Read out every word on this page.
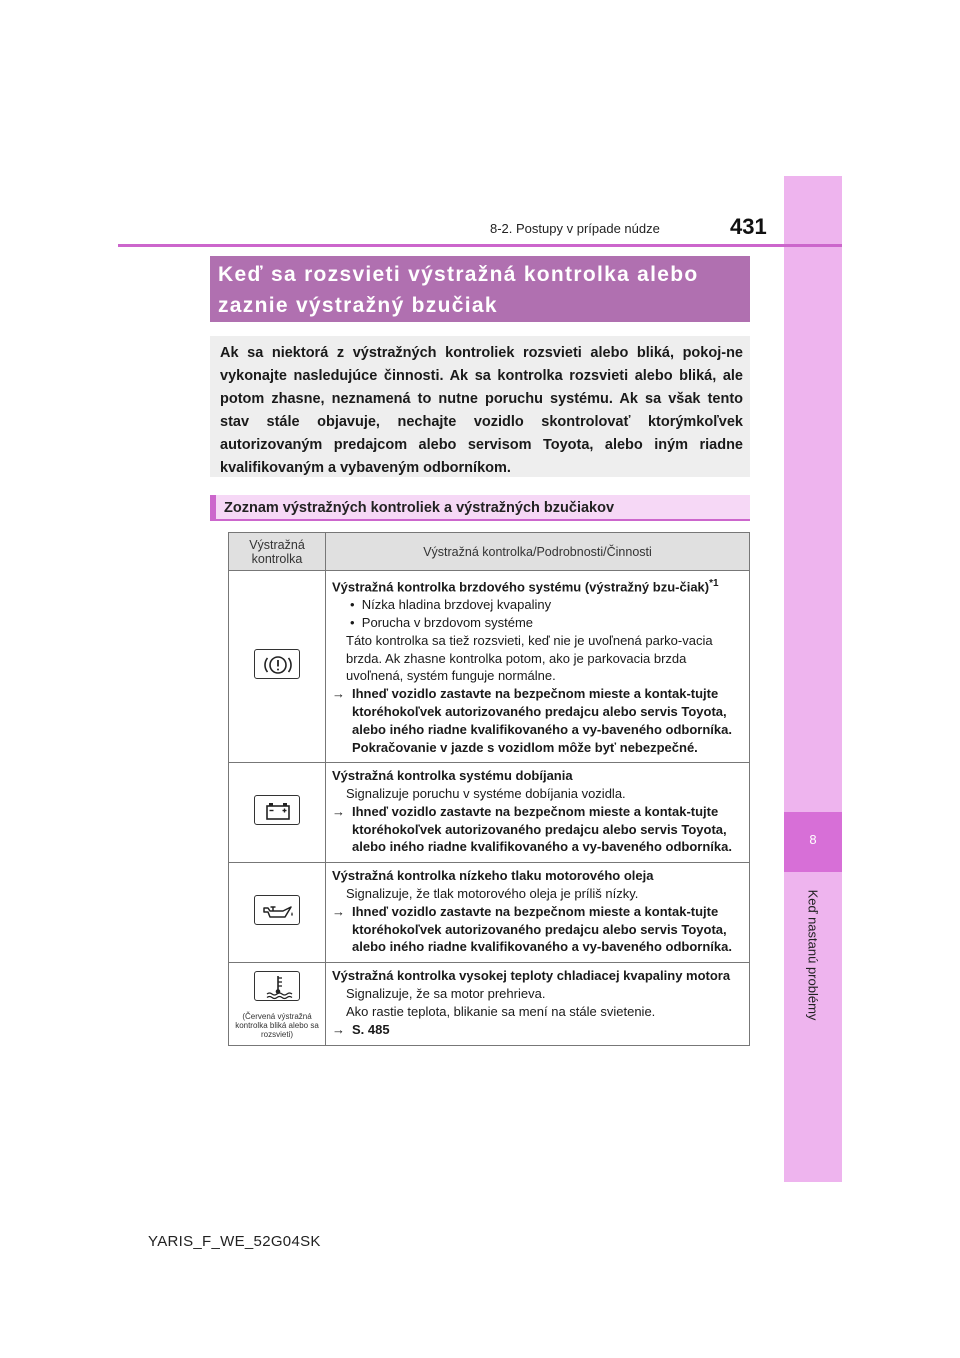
8
Keď nastanú problémy
431
8-2. Postupy v prípade núdze
Keď sa rozsvieti výstražná kontrolka alebo
zaznie výstražný bzučiak
Ak sa niektorá z výstražných kontroliek rozsvieti alebo bliká, pokoj-ne vykonajte nasledujúce činnosti. Ak sa kontrolka rozsvieti alebo bliká, ale potom zhasne, neznamená to nutne poruchu systému. Ak sa však tento stav stále objavuje, nechajte vozidlo skontrolovať ktorýmkoľvek autorizovaným predajcom alebo servisom Toyota, alebo iným riadne kvalifikovaným a vybaveným odborníkom.
Zoznam výstražných kontroliek a výstražných bzučiakov
Výstražná kontrolka	Výstražná kontrolka/Podrobnosti/Činnosti

Výstražná kontrolka brzdového systému (výstražný bzu-čiak)$^{*1}$
•  Nízka hladina brzdovej kvapaliny
•  Porucha v brzdovom systéme
Táto kontrolka sa tiež rozsvieti, keď nie je uvoľnená parko-vacia brzda. Ak zhasne kontrolka potom, ako je parkovacia brzda uvoľnená, systém funguje normálne.
→ Ihneď vozidlo zastavte na bezpečnom mieste a kontak-tujte ktoréhokoľvek autorizovaného predajcu alebo servis Toyota, alebo iného riadne kvalifikovaného a vy-baveného odborníka. Pokračovanie v jazde s vozidlom môže byť nebezpečné.

Výstražná kontrolka systému dobíjania
Signalizuje poruchu v systéme dobíjania vozidla.
→ Ihneď vozidlo zastavte na bezpečnom mieste a kontak-tujte ktoréhokoľvek autorizovaného predajcu alebo servis Toyota, alebo iného riadne kvalifikovaného a vy-baveného odborníka.

Výstražná kontrolka nízkeho tlaku motorového oleja
Signalizuje, že tlak motorového oleja je príliš nízky.
→ Ihneď vozidlo zastavte na bezpečnom mieste a kontak-tujte ktoréhokoľvek autorizovaného predajcu alebo servis Toyota, alebo iného riadne kvalifikovaného a vy-baveného odborníka.

(Červená výstražná kontrolka bliká alebo sa rozsvieti)	Výstražná kontrolka vysokej teploty chladiacej kvapaliny motora
Signalizuje, že sa motor prehrieva.
Ako rastie teplota, blikanie sa mení na stále svietenie.
→ S. 485
YARIS_F_WE_52G04SK
